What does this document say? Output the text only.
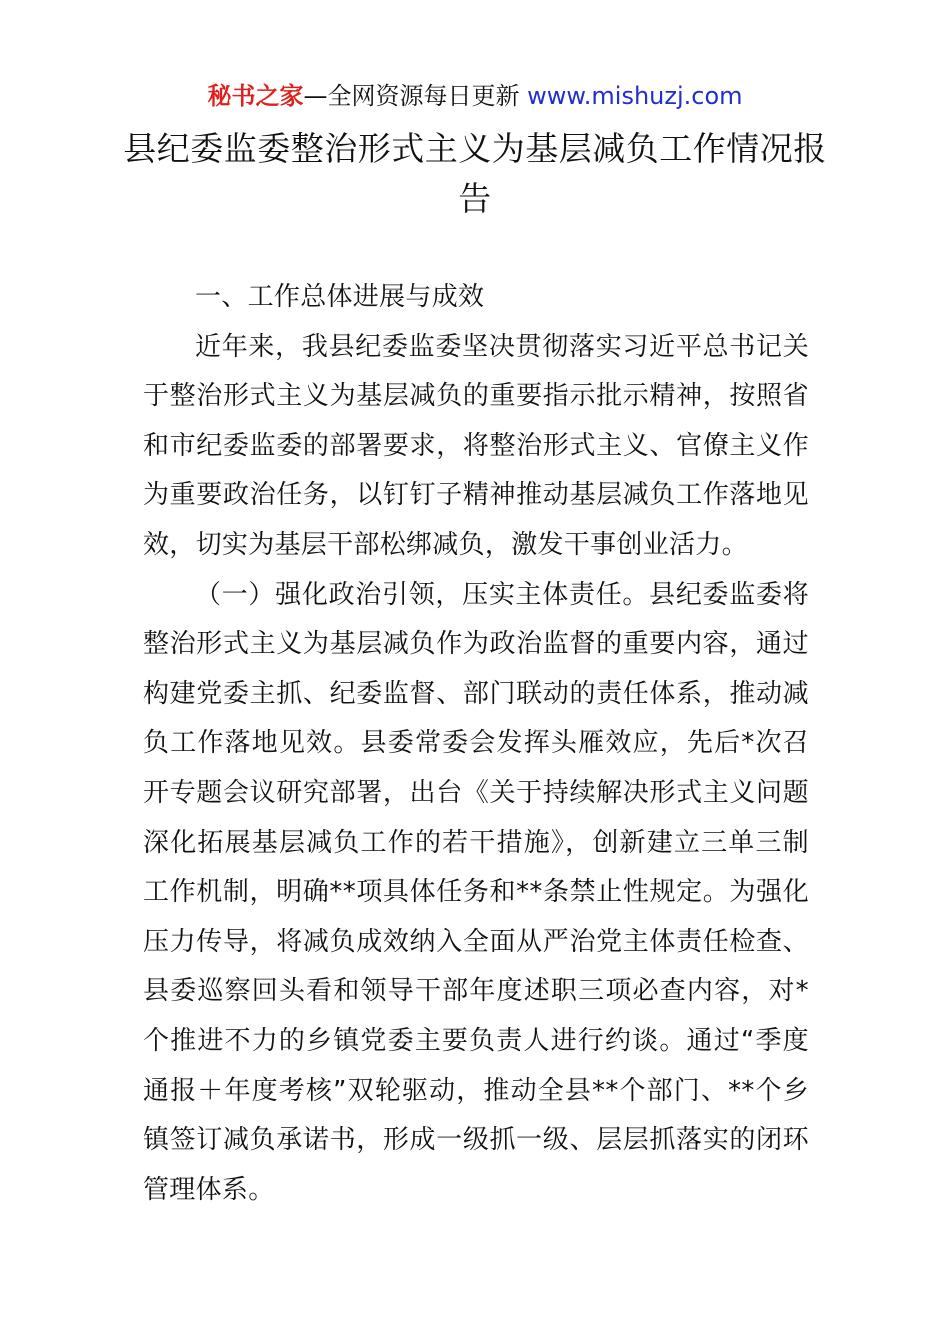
秘书之家—全网资源每日更新 www.mishuzj.com
县纪委监委整治形式主义为基层减负工作情况报告

一、工作总体进展与成效

近年来，我县纪委监委坚决贯彻落实习近平总书记关于整治形式主义为基层减负的重要指示批示精神，按照省和市纪委监委的部署要求，将整治形式主义、官僚主义作为重要政治任务，以钉钉子精神推动基层减负工作落地见效，切实为基层干部松绑减负，激发干事创业活力。

（一）强化政治引领，压实主体责任。县纪委监委将整治形式主义为基层减负作为政治监督的重要内容，通过构建党委主抓、纪委监督、部门联动的责任体系，推动减负工作落地见效。县委常委会发挥头雁效应，先后*次召开专题会议研究部署，出台《关于持续解决形式主义问题深化拓展基层减负工作的若干措施》，创新建立三单三制工作机制，明确**项具体任务和**条禁止性规定。为强化压力传导，将减负成效纳入全面从严治党主体责任检查、县委巡察回头看和领导干部年度述职三项必查内容，对*个推进不力的乡镇党委主要负责人进行约谈。通过“季度通报＋年度考核”双轮驱动，推动全县**个部门、**个乡镇签订减负承诺书，形成一级抓一级、层层抓落实的闭环管理体系。
